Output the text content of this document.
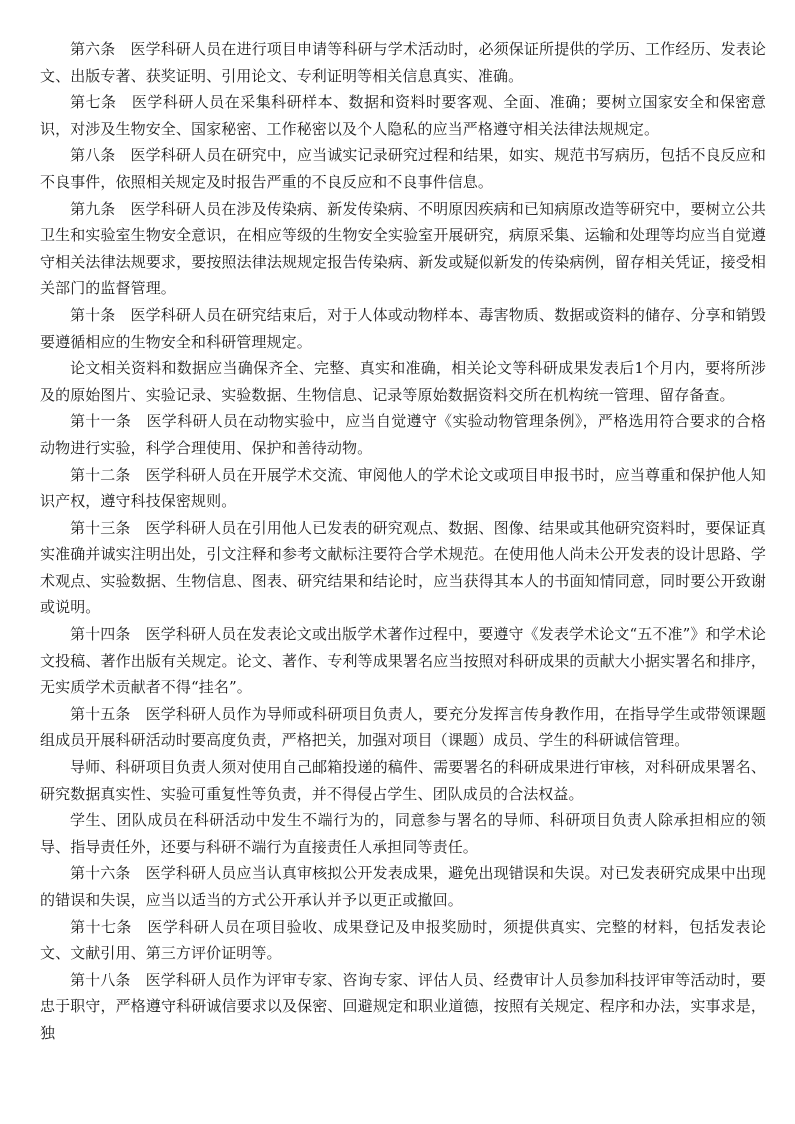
第六条　医学科研人员在进行项目申请等科研与学术活动时，必须保证所提供的学历、工作经历、发表论文、出版专著、获奖证明、引用论文、专利证明等相关信息真实、准确。

第七条　医学科研人员在采集科研样本、数据和资料时要客观、全面、准确；要树立国家安全和保密意识，对涉及生物安全、国家秘密、工作秘密以及个人隐私的应当严格遵守相关法律法规规定。

第八条　医学科研人员在研究中，应当诚实记录研究过程和结果，如实、规范书写病历，包括不良反应和不良事件，依照相关规定及时报告严重的不良反应和不良事件信息。

第九条　医学科研人员在涉及传染病、新发传染病、不明原因疾病和已知病原改造等研究中，要树立公共卫生和实验室生物安全意识，在相应等级的生物安全实验室开展研究，病原采集、运输和处理等均应当自觉遵守相关法律法规要求，要按照法律法规规定报告传染病、新发或疑似新发的传染病例，留存相关凭证，接受相关部门的监督管理。

第十条　医学科研人员在研究结束后，对于人体或动物样本、毒害物质、数据或资料的储存、分享和销毁要遵循相应的生物安全和科研管理规定。

论文相关资料和数据应当确保齐全、完整、真实和准确，相关论文等科研成果发表后1个月内，要将所涉及的原始图片、实验记录、实验数据、生物信息、记录等原始数据资料交所在机构统一管理、留存备查。

第十一条　医学科研人员在动物实验中，应当自觉遵守《实验动物管理条例》，严格选用符合要求的合格动物进行实验，科学合理使用、保护和善待动物。

第十二条　医学科研人员在开展学术交流、审阅他人的学术论文或项目申报书时，应当尊重和保护他人知识产权，遵守科技保密规则。

第十三条　医学科研人员在引用他人已发表的研究观点、数据、图像、结果或其他研究资料时，要保证真实准确并诚实注明出处，引文注释和参考文献标注要符合学术规范。在使用他人尚未公开发表的设计思路、学术观点、实验数据、生物信息、图表、研究结果和结论时，应当获得其本人的书面知情同意，同时要公开致谢或说明。

第十四条　医学科研人员在发表论文或出版学术著作过程中，要遵守《发表学术论文“五不准”》和学术论文投稿、著作出版有关规定。论文、著作、专利等成果署名应当按照对科研成果的贡献大小据实署名和排序，无实质学术贡献者不得“挂名”。

第十五条　医学科研人员作为导师或科研项目负责人，要充分发挥言传身教作用，在指导学生或带领课题组成员开展科研活动时要高度负责，严格把关，加强对项目（课题）成员、学生的科研诚信管理。

导师、科研项目负责人须对使用自己邮箱投递的稿件、需要署名的科研成果进行审核，对科研成果署名、研究数据真实性、实验可重复性等负责，并不得侵占学生、团队成员的合法权益。

学生、团队成员在科研活动中发生不端行为的，同意参与署名的导师、科研项目负责人除承担相应的领导、指导责任外，还要与科研不端行为直接责任人承担同等责任。

第十六条　医学科研人员应当认真审核拟公开发表成果，避免出现错误和失误。对已发表研究成果中出现的错误和失误，应当以适当的方式公开承认并予以更正或撤回。

第十七条　医学科研人员在项目验收、成果登记及申报奖励时，须提供真实、完整的材料，包括发表论文、文献引用、第三方评价证明等。

第十八条　医学科研人员作为评审专家、咨询专家、评估人员、经费审计人员参加科技评审等活动时，要忠于职守，严格遵守科研诚信要求以及保密、回避规定和职业道德，按照有关规定、程序和办法，实事求是，独
